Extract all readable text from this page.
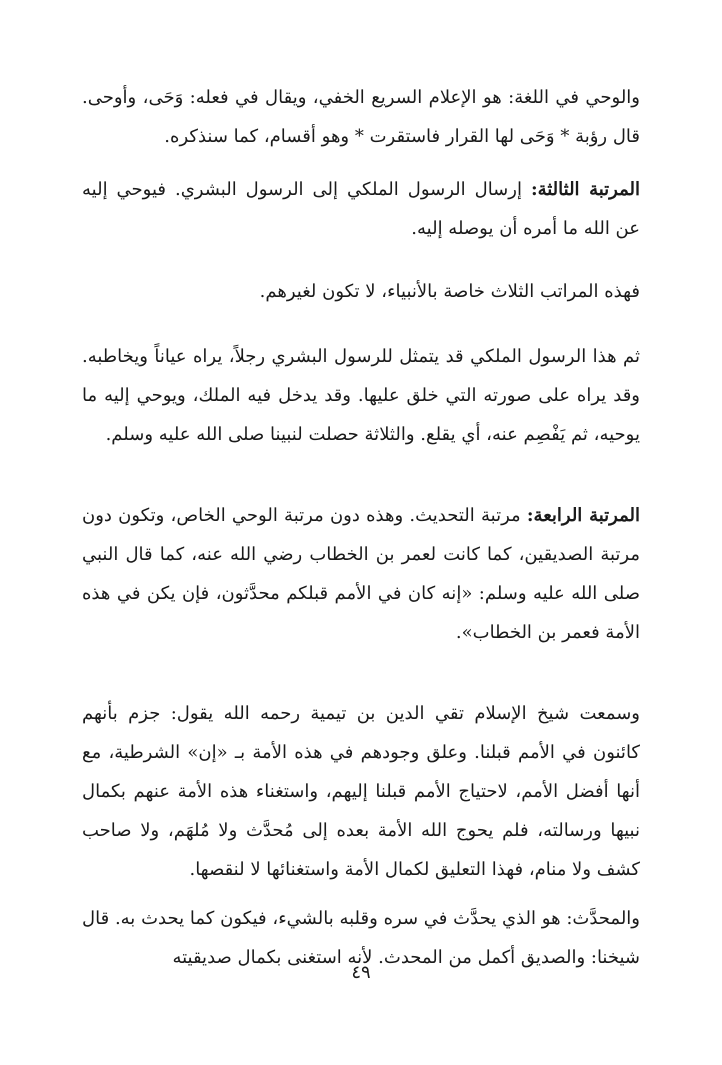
والوحي في اللغة: هو الإعلام السريع الخفي، ويقال في فعله: وَحَى، وأوحى. قال رؤبة * وَحَى لها القرار فاستقرت * وهو أقسام، كما سنذكره.

المرتبة الثالثة: إرسال الرسول الملكي إلى الرسول البشري. فيوحي إليه عن الله ما أمره أن يوصله إليه.

فهذه المراتب الثلاث خاصة بالأنبياء، لا تكون لغيرهم.

ثم هذا الرسول الملكي قد يتمثل للرسول البشري رجلاً، يراه عياناً ويخاطبه. وقد يراه على صورته التي خلق عليها. وقد يدخل فيه الملك، ويوحي إليه ما يوحيه، ثم يَفْصِم عنه، أي يقلع. والثلاثة حصلت لنبينا صلى الله عليه وسلم.

المرتبة الرابعة: مرتبة التحديث. وهذه دون مرتبة الوحي الخاص، وتكون دون مرتبة الصديقين، كما كانت لعمر بن الخطاب رضي الله عنه، كما قال النبي صلى الله عليه وسلم: «إنه كان في الأمم قبلكم محدَّثون، فإن يكن في هذه الأمة فعمر بن الخطاب».

وسمعت شيخ الإسلام تقي الدين بن تيمية رحمه الله يقول: جزم بأنهم كائنون في الأمم قبلنا. وعلق وجودهم في هذه الأمة بـ «إن» الشرطية، مع أنها أفضل الأمم، لاحتياج الأمم قبلنا إليهم، واستغناء هذه الأمة عنهم بكمال نبيها ورسالته، فلم يحوج الله الأمة بعده إلى مُحدَّث ولا مُلهَم، ولا صاحب كشف ولا منام، فهذا التعليق لكمال الأمة واستغنائها لا لنقصها.

والمحدَّث: هو الذي يحدَّث في سره وقلبه بالشيء، فيكون كما يحدث به. قال شيخنا: والصديق أكمل من المحدث. لأنه استغنى بكمال صديقيته

٤٩
